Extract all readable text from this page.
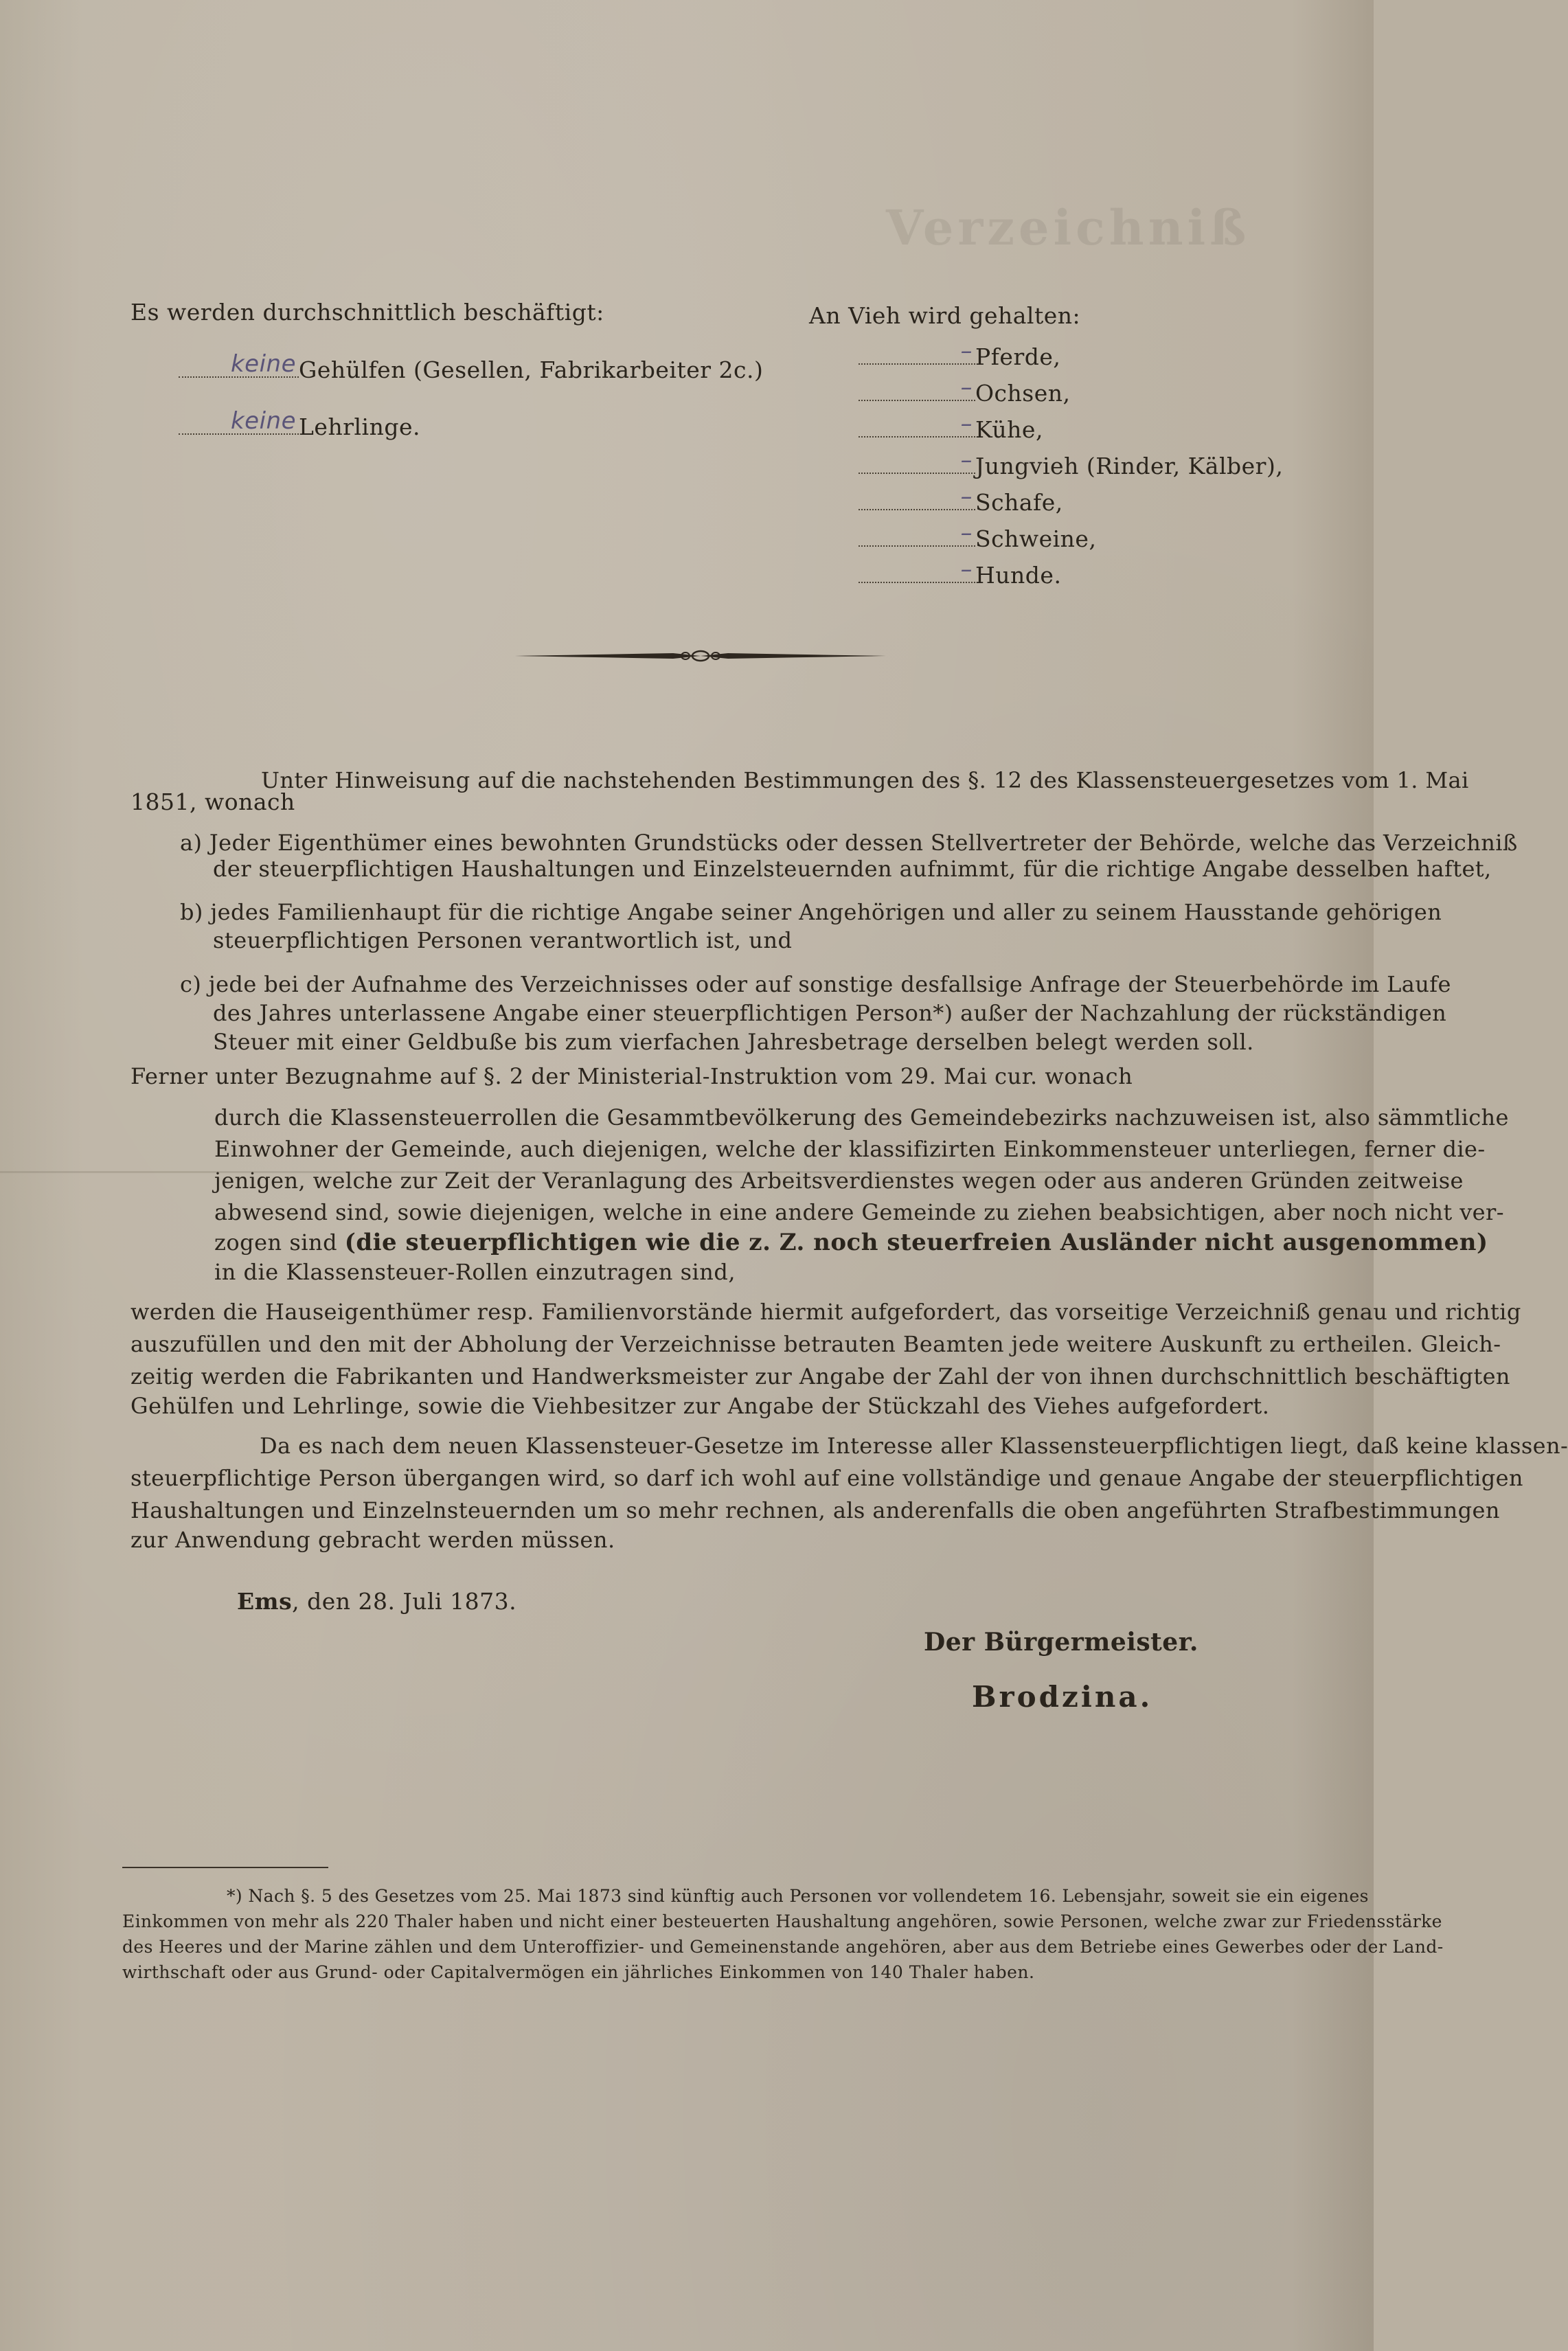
Verzeichniß
Es werden durchschnittlich beschäftigt:
keine Gehülfen (Gesellen, Fabrikarbeiter 2c.)
keine Lehrlinge.
An Vieh wird gehalten:
– Pferde,
– Ochsen,
– Kühe,
– Jungvieh (Rinder, Kälber),
– Schafe,
– Schweine,
– Hunde.
Unter Hinweisung auf die nachstehenden Bestimmungen des §. 12 des Klassensteuergesetzes vom 1. Mai
1851, wonach
a) Jeder Eigenthümer eines bewohnten Grundstücks oder dessen Stellvertreter der Behörde, welche das Verzeichniß
der steuerpflichtigen Haushaltungen und Einzelsteuernden aufnimmt, für die richtige Angabe desselben haftet,
b) jedes Familienhaupt für die richtige Angabe seiner Angehörigen und aller zu seinem Hausstande gehörigen
steuerpflichtigen Personen verantwortlich ist, und
c) jede bei der Aufnahme des Verzeichnisses oder auf sonstige desfallsige Anfrage der Steuerbehörde im Laufe
des Jahres unterlassene Angabe einer steuerpflichtigen Person*) außer der Nachzahlung der rückständigen
Steuer mit einer Geldbuße bis zum vierfachen Jahresbetrage derselben belegt werden soll.
Ferner unter Bezugnahme auf §. 2 der Ministerial-Instruktion vom 29. Mai cur. wonach
durch die Klassensteuerrollen die Gesammtbevölkerung des Gemeindebezirks nachzuweisen ist, also sämmtliche
Einwohner der Gemeinde, auch diejenigen, welche der klassifizirten Einkommensteuer unterliegen, ferner die-
jenigen, welche zur Zeit der Veranlagung des Arbeitsverdienstes wegen oder aus anderen Gründen zeitweise
abwesend sind, sowie diejenigen, welche in eine andere Gemeinde zu ziehen beabsichtigen, aber noch nicht ver-
zogen sind (die steuerpflichtigen wie die z. Z. noch steuerfreien Ausländer nicht ausgenommen)
in die Klassensteuer-Rollen einzutragen sind,
werden die Hauseigenthümer resp. Familienvorstände hiermit aufgefordert, das vorseitige Verzeichniß genau und richtig
auszufüllen und den mit der Abholung der Verzeichnisse betrauten Beamten jede weitere Auskunft zu ertheilen. Gleich-
zeitig werden die Fabrikanten und Handwerksmeister zur Angabe der Zahl der von ihnen durchschnittlich beschäftigten
Gehülfen und Lehrlinge, sowie die Viehbesitzer zur Angabe der Stückzahl des Viehes aufgefordert.
Da es nach dem neuen Klassensteuer-Gesetze im Interesse aller Klassensteuerpflichtigen liegt, daß keine klassen-
steuerpflichtige Person übergangen wird, so darf ich wohl auf eine vollständige und genaue Angabe der steuerpflichtigen
Haushaltungen und Einzelnsteuernden um so mehr rechnen, als anderenfalls die oben angeführten Strafbestimmungen
zur Anwendung gebracht werden müssen.
Ems, den 28. Juli 1873.
Der Bürgermeister.
Brodzina.
*) Nach §. 5 des Gesetzes vom 25. Mai 1873 sind künftig auch Personen vor vollendetem 16. Lebensjahr, soweit sie ein eigenes
Einkommen von mehr als 220 Thaler haben und nicht einer besteuerten Haushaltung angehören, sowie Personen, welche zwar zur Friedensstärke
des Heeres und der Marine zählen und dem Unteroffizier- und Gemeinenstande angehören, aber aus dem Betriebe eines Gewerbes oder der Land-
wirthschaft oder aus Grund- oder Capitalvermögen ein jährliches Einkommen von 140 Thaler haben.
